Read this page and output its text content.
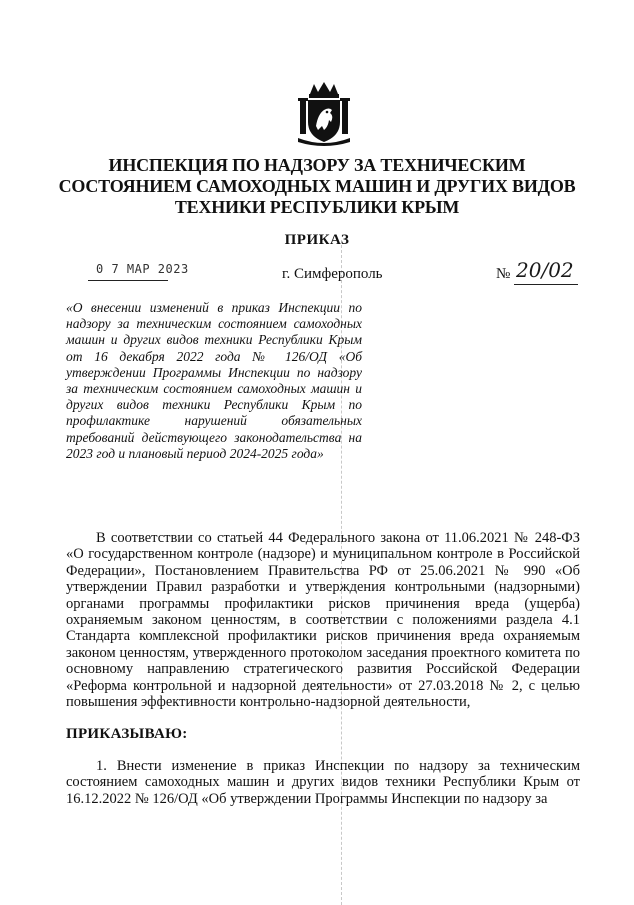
ИНСПЕКЦИЯ ПО НАДЗОРУ ЗА ТЕХНИЧЕСКИМ
СОСТОЯНИЕМ САМОХОДНЫХ МАШИН И ДРУГИХ ВИДОВ
ТЕХНИКИ РЕСПУБЛИКИ КРЫМ
ПРИКАЗ
0 7 МАР 2023	г. Симферополь	№ 20/02
«О внесении изменений в приказ Инспекции по надзору за техническим состоянием самоходных машин и других видов техники Республики Крым от 16 декабря 2022 года № 126/ОД «Об утверждении Программы Инспекции по надзору за техническим состоянием самоходных машин и других видов техники Республики Крым по профилактике нарушений обязательных требований действующего законодательства на 2023 год и плановый период 2024-2025 года»
В соответствии со статьей 44 Федерального закона от 11.06.2021 № 248-ФЗ «О государственном контроле (надзоре) и муниципальном контроле в Российской Федерации», Постановлением Правительства РФ от 25.06.2021 № 990 «Об утверждении Правил разработки и утверждения контрольными (надзорными) органами программы профилактики рисков причинения вреда (ущерба) охраняемым законом ценностям, в соответствии с положениями раздела 4.1 Стандарта комплексной профилактики рисков причинения вреда охраняемым законом ценностям, утвержденного протоколом заседания проектного комитета по основному направлению стратегического развития Российской Федерации «Реформа контрольной и надзорной деятельности» от 27.03.2018 № 2, с целью повышения эффективности контрольно-надзорной деятельности,
ПРИКАЗЫВАЮ:
1. Внести изменение в приказ Инспекции по надзору за техническим состоянием самоходных машин и других видов техники Республики Крым от 16.12.2022 № 126/ОД «Об утверждении Программы Инспекции по надзору за
